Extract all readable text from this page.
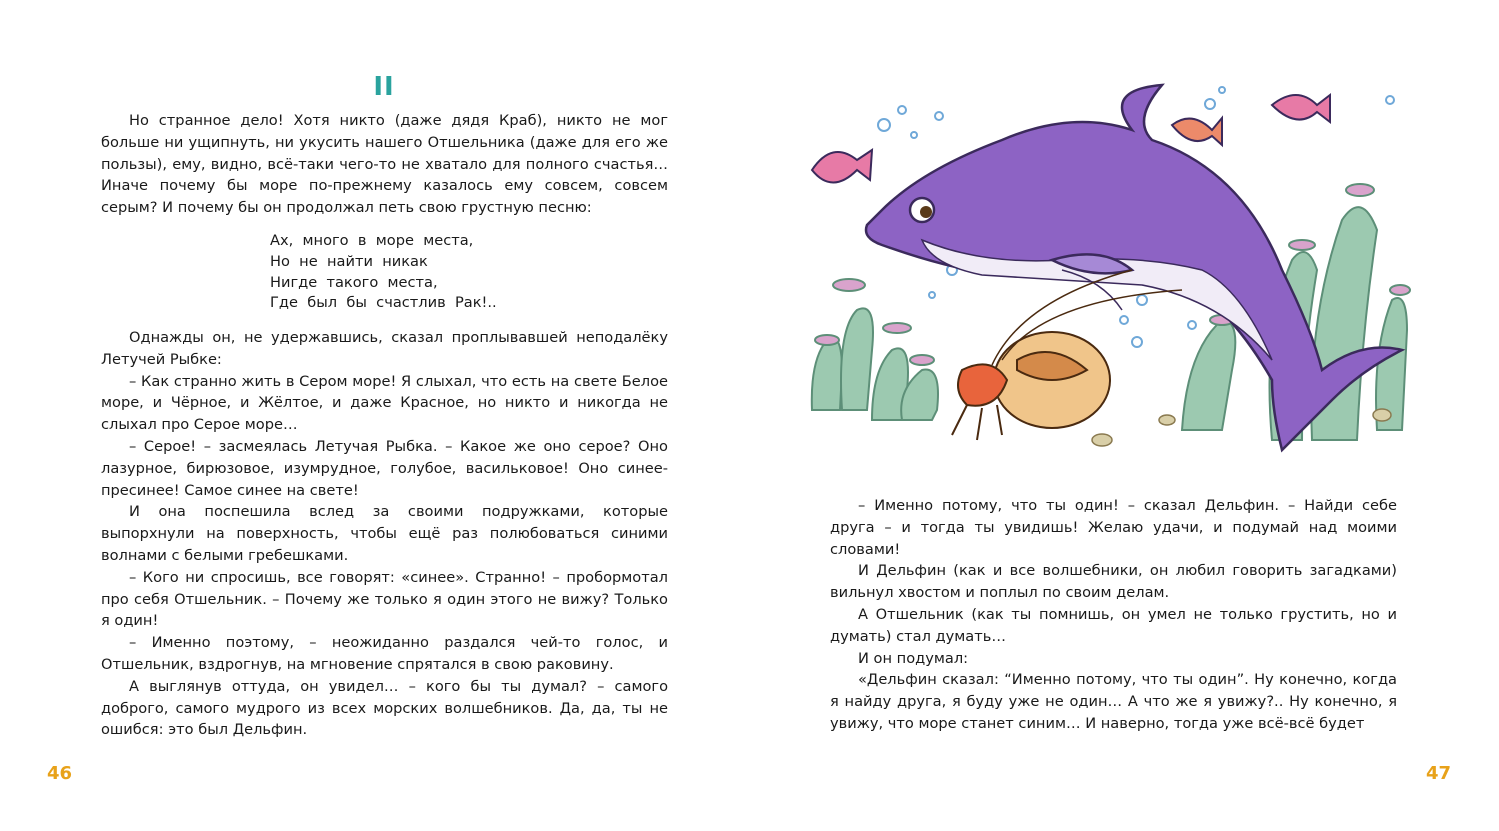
II

Но странное дело! Хотя никто (даже дядя Краб), никто не мог больше ни ущипнуть, ни укусить нашего Отшельника (даже для его же пользы), ему, видно, всё-таки чего-то не хватало для полного счастья… Иначе почему бы море по-прежнему казалось ему совсем, совсем серым? И почему бы он продолжал петь свою грустную песню:

Ах,  много  в  море  места,
Но  не  найти  никак
Нигде  такого  места,
Где  был  бы  счастлив  Рак!..

Однажды он, не удержавшись, сказал проплывавшей неподалёку Летучей Рыбке:

– Как странно жить в Сером море! Я слыхал, что есть на свете Белое море, и Чёрное, и Жёлтое, и даже Красное, но никто и никогда не слыхал про Серое море…

– Серое! – засмеялась Летучая Рыбка. – Какое же оно серое? Оно лазурное, бирюзовое, изумрудное, голубое, васильковое! Оно синее-пресинее! Самое синее на свете!

И она поспешила вслед за своими подружками, которые выпорхнули на поверхность, чтобы ещё раз полюбоваться синими волнами с белыми гребешками.

– Кого ни спросишь, все говорят: «синее». Странно! – пробормотал про себя Отшельник. – Почему же только я один этого не вижу? Только я один!

– Именно поэтому, – неожиданно раздался чей-то голос, и Отшельник, вздрогнув, на мгновение спрятался в свою раковину.

А выглянув оттуда, он увидел… – кого бы ты думал? – самого доброго, самого мудрого из всех морских волшебников. Да, да, ты не ошибся: это был Дельфин.

46

– Именно потому, что ты один! – сказал Дельфин. – Найди себе друга – и тогда ты увидишь! Желаю удачи, и подумай над моими словами!

И Дельфин (как и все волшебники, он любил говорить загадками) вильнул хвостом и поплыл по своим делам.

А Отшельник (как ты помнишь, он умел не только грустить, но и думать) стал думать…

И он подумал:

«Дельфин сказал: “Именно потому, что ты один”. Ну конечно, когда я найду друга, я буду уже не один… А что же я увижу?.. Ну конечно, я увижу, что море станет синим… И наверно, тогда уже всё-всё будет

47
